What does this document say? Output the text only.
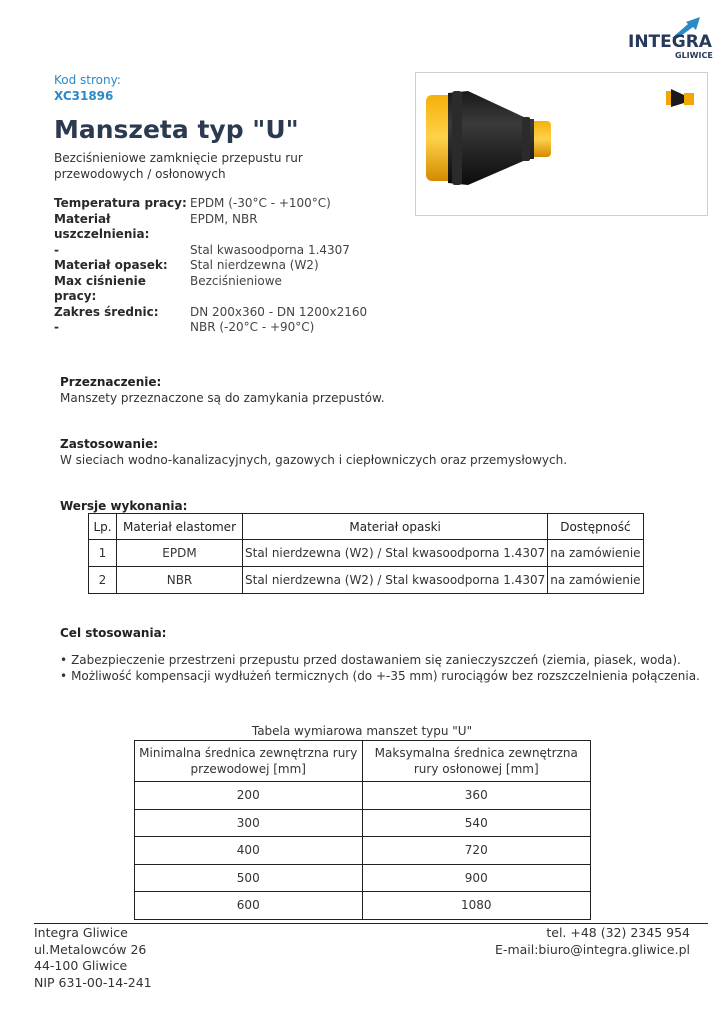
INTEGRA
GLIWICE
Kod strony:
XC31896
Manszeta typ "U"
Bezciśnieniowe zamknięcie przepustu rur przewodowych / osłonowych
Temperatura pracy: EPDM (-30°C - +100°C)
Materiał	EPDM, NBR
uszczelnienia:
-	Stal kwasoodporna 1.4307
Materiał opasek:	Stal nierdzewna (W2)
Max ciśnienie pracy:
Bezciśnieniowe
Zakres średnic:	DN 200x360 - DN 1200x2160
-	NBR (-20°C - +90°C)
Przeznaczenie:
Manszety przeznaczone są do zamykania przepustów.
Zastosowanie:
W sieciach wodno-kanalizacyjnych, gazowych i ciepłowniczych oraz przemysłowych.
Wersje wykonania:
Lp.	Materiał elastomer	Materiał opaski	Dostępność
1	EPDM	Stal nierdzewna (W2) / Stal kwasoodporna 1.4307	na zamówienie
2	NBR	Stal nierdzewna (W2) / Stal kwasoodporna 1.4307	na zamówienie
Cel stosowania:
• Zabezpieczenie przestrzeni przepustu przed dostawaniem się zanieczyszczeń (ziemia, piasek, woda).
• Możliwość kompensacji wydłużeń termicznych (do +-35 mm) rurociągów bez rozszczelnienia połączenia.
Tabela wymiarowa manszet typu "U"
Minimalna średnica zewnętrzna rury przewodowej [mm]	Maksymalna średnica zewnętrzna rury osłonowej [mm]
200	360
300	540
400	720
500	900
600	1080
Integra Gliwice
ul.Metalowców 26
44-100 Gliwice
NIP 631-00-14-241
tel. +48 (32) 2345 954
E-mail:biuro@integra.gliwice.pl
